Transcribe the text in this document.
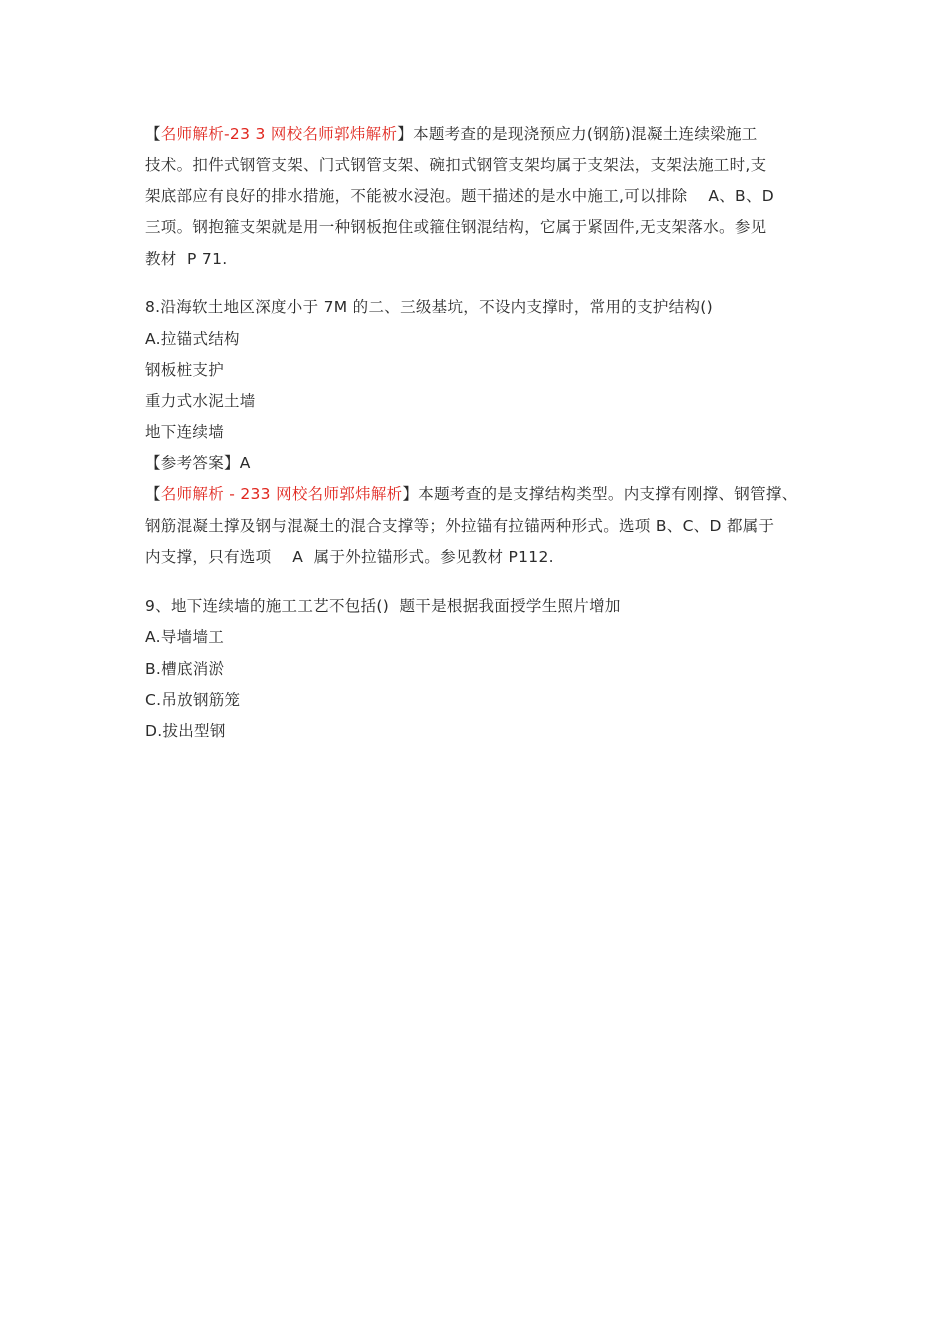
【名师解析-23 3 网校名师郭炜解析】本题考查的是现浇预应力(钢筋)混凝土连续梁施工
技术。扣件式钢管支架、门式钢管支架、碗扣式钢管支架均属于支架法，支架法施工时,支
架底部应有良好的排水措施，不能被水浸泡。题干描述的是水中施工,可以排除    A、B、D
三项。钢抱箍支架就是用一种钢板抱住或箍住钢混结构，它属于紧固件,无支架落水。参见
教材  P 71.
8.沿海软土地区深度小于 7M 的二、三级基坑，不设内支撑时，常用的支护结构()
A.拉锚式结构
钢板桩支护
重力式水泥土墙
地下连续墙
【参考答案】A
【名师解析 - 233 网校名师郭炜解析】本题考查的是支撑结构类型。内支撑有刚撑、钢管撑、
钢筋混凝土撑及钢与混凝土的混合支撑等；外拉锚有拉锚两种形式。选项 B、C、D 都属于
内支撑，只有选项    A  属于外拉锚形式。参见教材 P112.
9、地下连续墙的施工工艺不包括()  题干是根据我面授学生照片增加
A.导墙墙工
B.槽底消淤
C.吊放钢筋笼
D.拔出型钢
